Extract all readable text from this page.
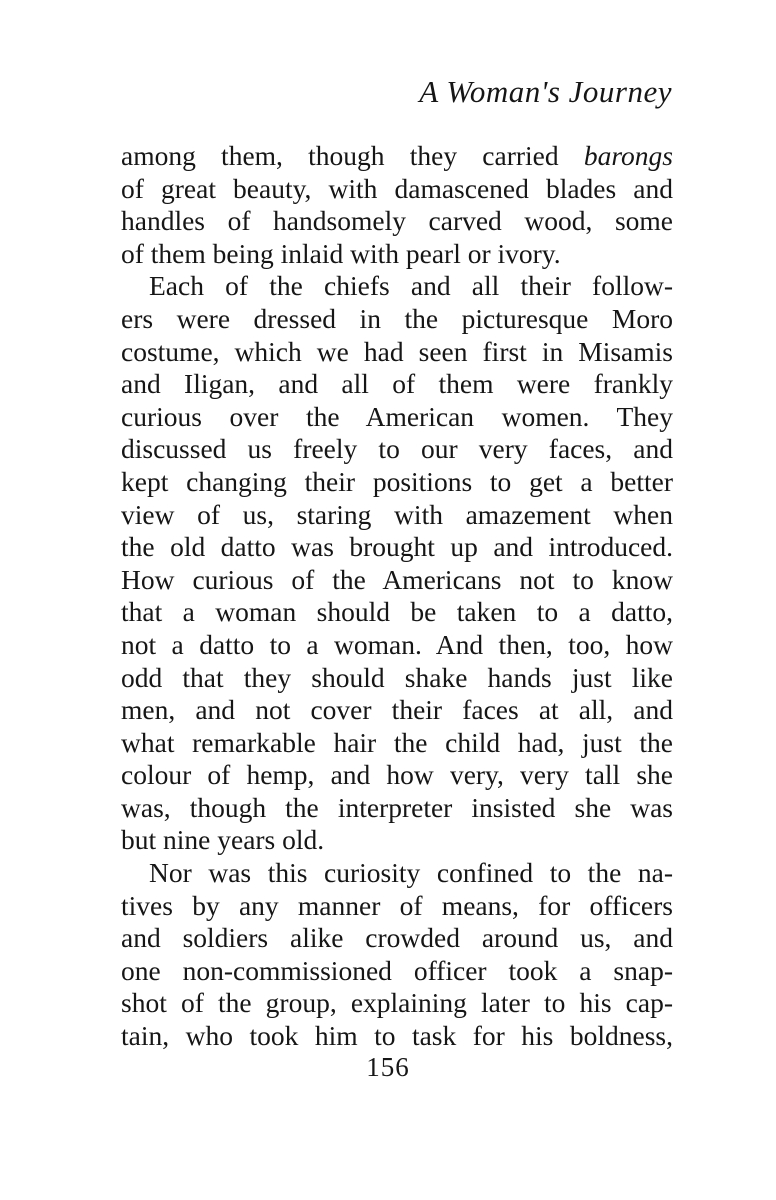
A Woman's Journey
among them, though they carried barongs
of great beauty, with damascened blades and
handles of handsomely carved wood, some
of them being inlaid with pearl or ivory.
Each of the chiefs and all their follow-
ers were dressed in the picturesque Moro
costume, which we had seen first in Misamis
and Iligan, and all of them were frankly
curious over the American women. They
discussed us freely to our very faces, and
kept changing their positions to get a better
view of us, staring with amazement when
the old datto was brought up and introduced.
How curious of the Americans not to know
that a woman should be taken to a datto,
not a datto to a woman. And then, too, how
odd that they should shake hands just like
men, and not cover their faces at all, and
what remarkable hair the child had, just the
colour of hemp, and how very, very tall she
was, though the interpreter insisted she was
but nine years old.
Nor was this curiosity confined to the na-
tives by any manner of means, for officers
and soldiers alike crowded around us, and
one non-commissioned officer took a snap-
shot of the group, explaining later to his cap-
tain, who took him to task for his boldness,
156
